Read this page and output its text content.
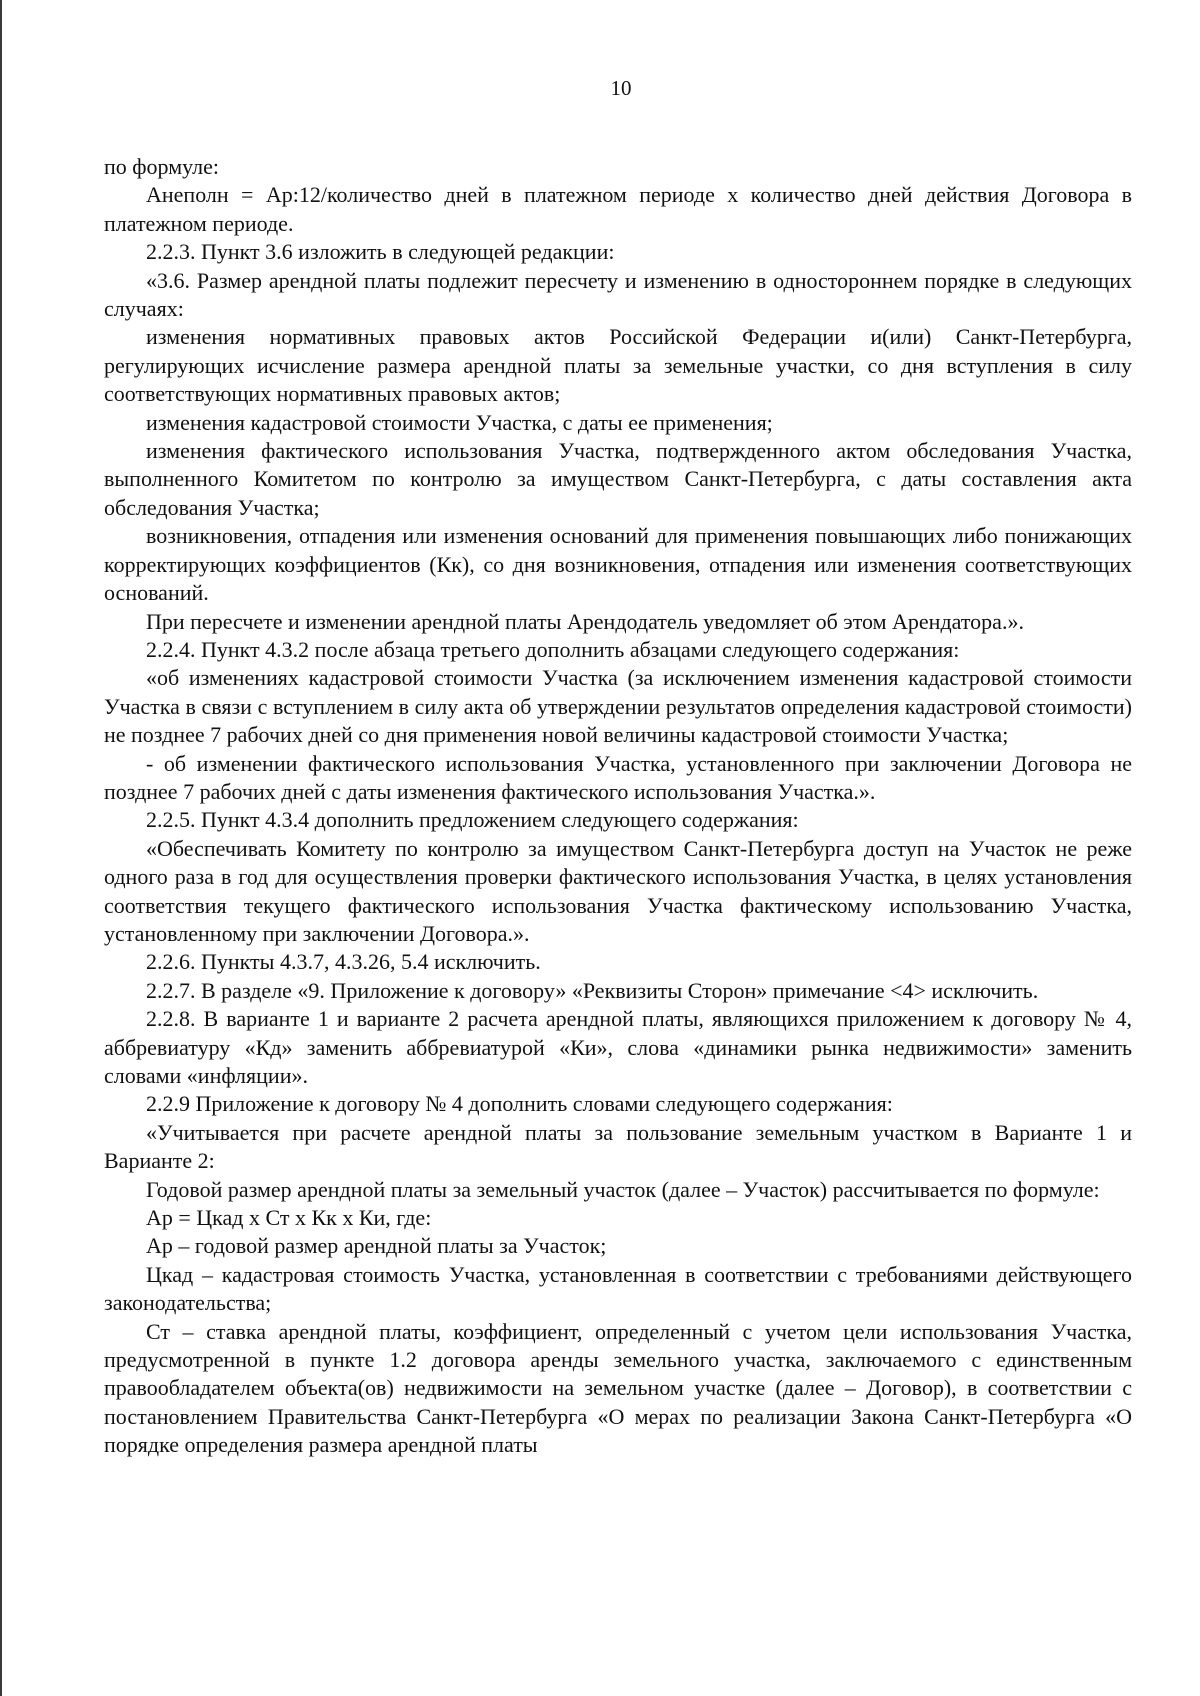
10

по формуле:

Анеполн = Ар:12/количество дней в платежном периоде х количество дней действия Договора в платежном периоде.

2.2.3. Пункт 3.6 изложить в следующей редакции:

«3.6. Размер арендной платы подлежит пересчету и изменению в одностороннем порядке в следующих случаях:

изменения нормативных правовых актов Российской Федерации и(или) Санкт-Петербурга, регулирующих исчисление размера арендной платы за земельные участки, со дня вступления в силу соответствующих нормативных правовых актов;

изменения кадастровой стоимости Участка, с даты ее применения;

изменения фактического использования Участка, подтвержденного актом обследования Участка, выполненного Комитетом по контролю за имуществом Санкт-Петербурга, с даты составления акта обследования Участка;

возникновения, отпадения или изменения оснований для применения повышающих либо понижающих корректирующих коэффициентов (Кк), со дня возникновения, отпадения или изменения соответствующих оснований.

При пересчете и изменении арендной платы Арендодатель уведомляет об этом Арендатора.».

2.2.4. Пункт 4.3.2 после абзаца третьего дополнить абзацами следующего содержания:

«об изменениях кадастровой стоимости Участка (за исключением изменения кадастровой стоимости Участка в связи с вступлением в силу акта об утверждении результатов определения кадастровой стоимости) не позднее 7 рабочих дней со дня применения новой величины кадастровой стоимости Участка;

- об изменении фактического использования Участка, установленного при заключении Договора не позднее 7 рабочих дней с даты изменения фактического использования Участка.».

2.2.5. Пункт 4.3.4 дополнить предложением следующего содержания:

«Обеспечивать Комитету по контролю за имуществом Санкт-Петербурга доступ на Участок не реже одного раза в год для осуществления проверки фактического использования Участка, в целях установления соответствия текущего фактического использования Участка фактическому использованию Участка, установленному при заключении Договора.».

2.2.6. Пункты 4.3.7, 4.3.26, 5.4 исключить.

2.2.7. В разделе «9. Приложение к договору» «Реквизиты Сторон» примечание <4> исключить.

2.2.8. В варианте 1 и варианте 2 расчета арендной платы, являющихся приложением к договору № 4, аббревиатуру «Кд» заменить аббревиатурой «Ки», слова «динамики рынка недвижимости» заменить словами «инфляции».

2.2.9 Приложение к договору № 4 дополнить словами следующего содержания:

«Учитывается при расчете арендной платы за пользование земельным участком в Варианте 1 и Варианте 2:

Годовой размер арендной платы за земельный участок (далее – Участок) рассчитывается по формуле:

Ар = Цкад х Ст х Кк х Ки, где:

Ар – годовой размер арендной платы за Участок;

Цкад – кадастровая стоимость Участка, установленная в соответствии с требованиями действующего законодательства;

Ст – ставка арендной платы, коэффициент, определенный с учетом цели использования Участка, предусмотренной в пункте 1.2 договора аренды земельного участка, заключаемого с единственным правообладателем объекта(ов) недвижимости на земельном участке (далее – Договор), в соответствии с постановлением Правительства Санкт-Петербурга «О мерах по реализации Закона Санкт-Петербурга «О порядке определения размера арендной платы
